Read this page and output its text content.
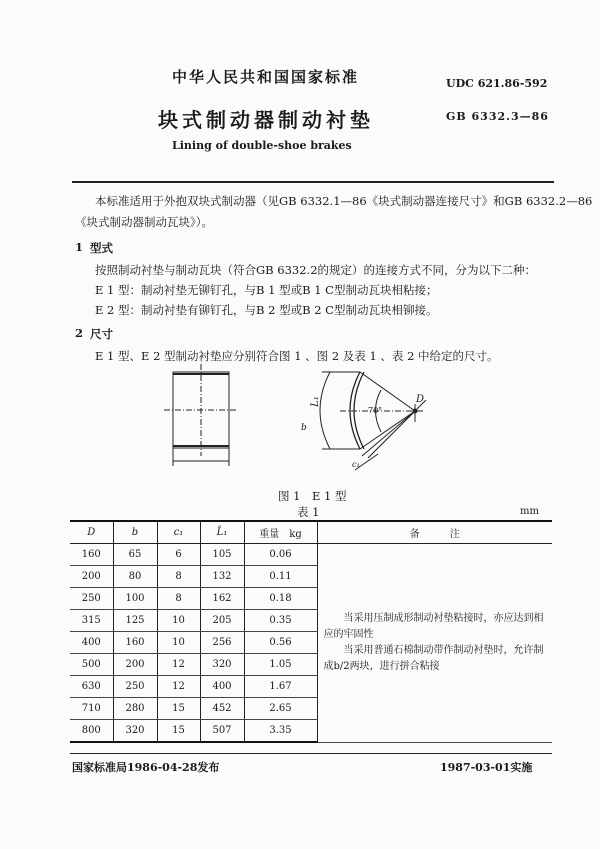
中华人民共和国国家标准	UDC 621.86-592
块式制动器制动衬垫	GB 6332.3—86
Lining of double-shoe brakes
本标准适用于外抱双块式制动器（见GB 6332.1—86《块式制动器连接尺寸》和GB 6332.2—86
《块式制动器制动瓦块》）。
1 型式
按照制动衬垫与制动瓦块（符合GB 6332.2的规定）的连接方式不同，分为以下二种：
E 1 型：制动衬垫无铆钉孔，与B 1 型或B 1 C型制动瓦块相粘接；
E 2 型：制动衬垫有铆钉孔，与B 2 型或B 2 C型制动瓦块相铆接。
2 尺寸
E 1 型、E 2 型制动衬垫应分别符合图 1 、图 2 及表 1 、表 2 中给定的尺寸。
b
L₁
70°
D
c₁
图 1　E 1 型
表 1	mm
D	b	c₁	L̂₁	重量　kg	备　　　注
160	65	6	105	0.06	当采用压制成形制动衬垫粘接时，亦应达到相应的牢固性
当采用普通石棉制动带作制动衬垫时，允许制成b/2两块，进行拼合粘接

200	80	8	132	0.11	
250	100	8	162	0.18	
315	125	10	205	0.35	
400	160	10	256	0.56	
500	200	12	320	1.05	
630	250	12	400	1.67	
710	280	15	452	2.65	
800	320	15	507	3.35	
国家标准局1986-04-28发布	1987-03-01实施
